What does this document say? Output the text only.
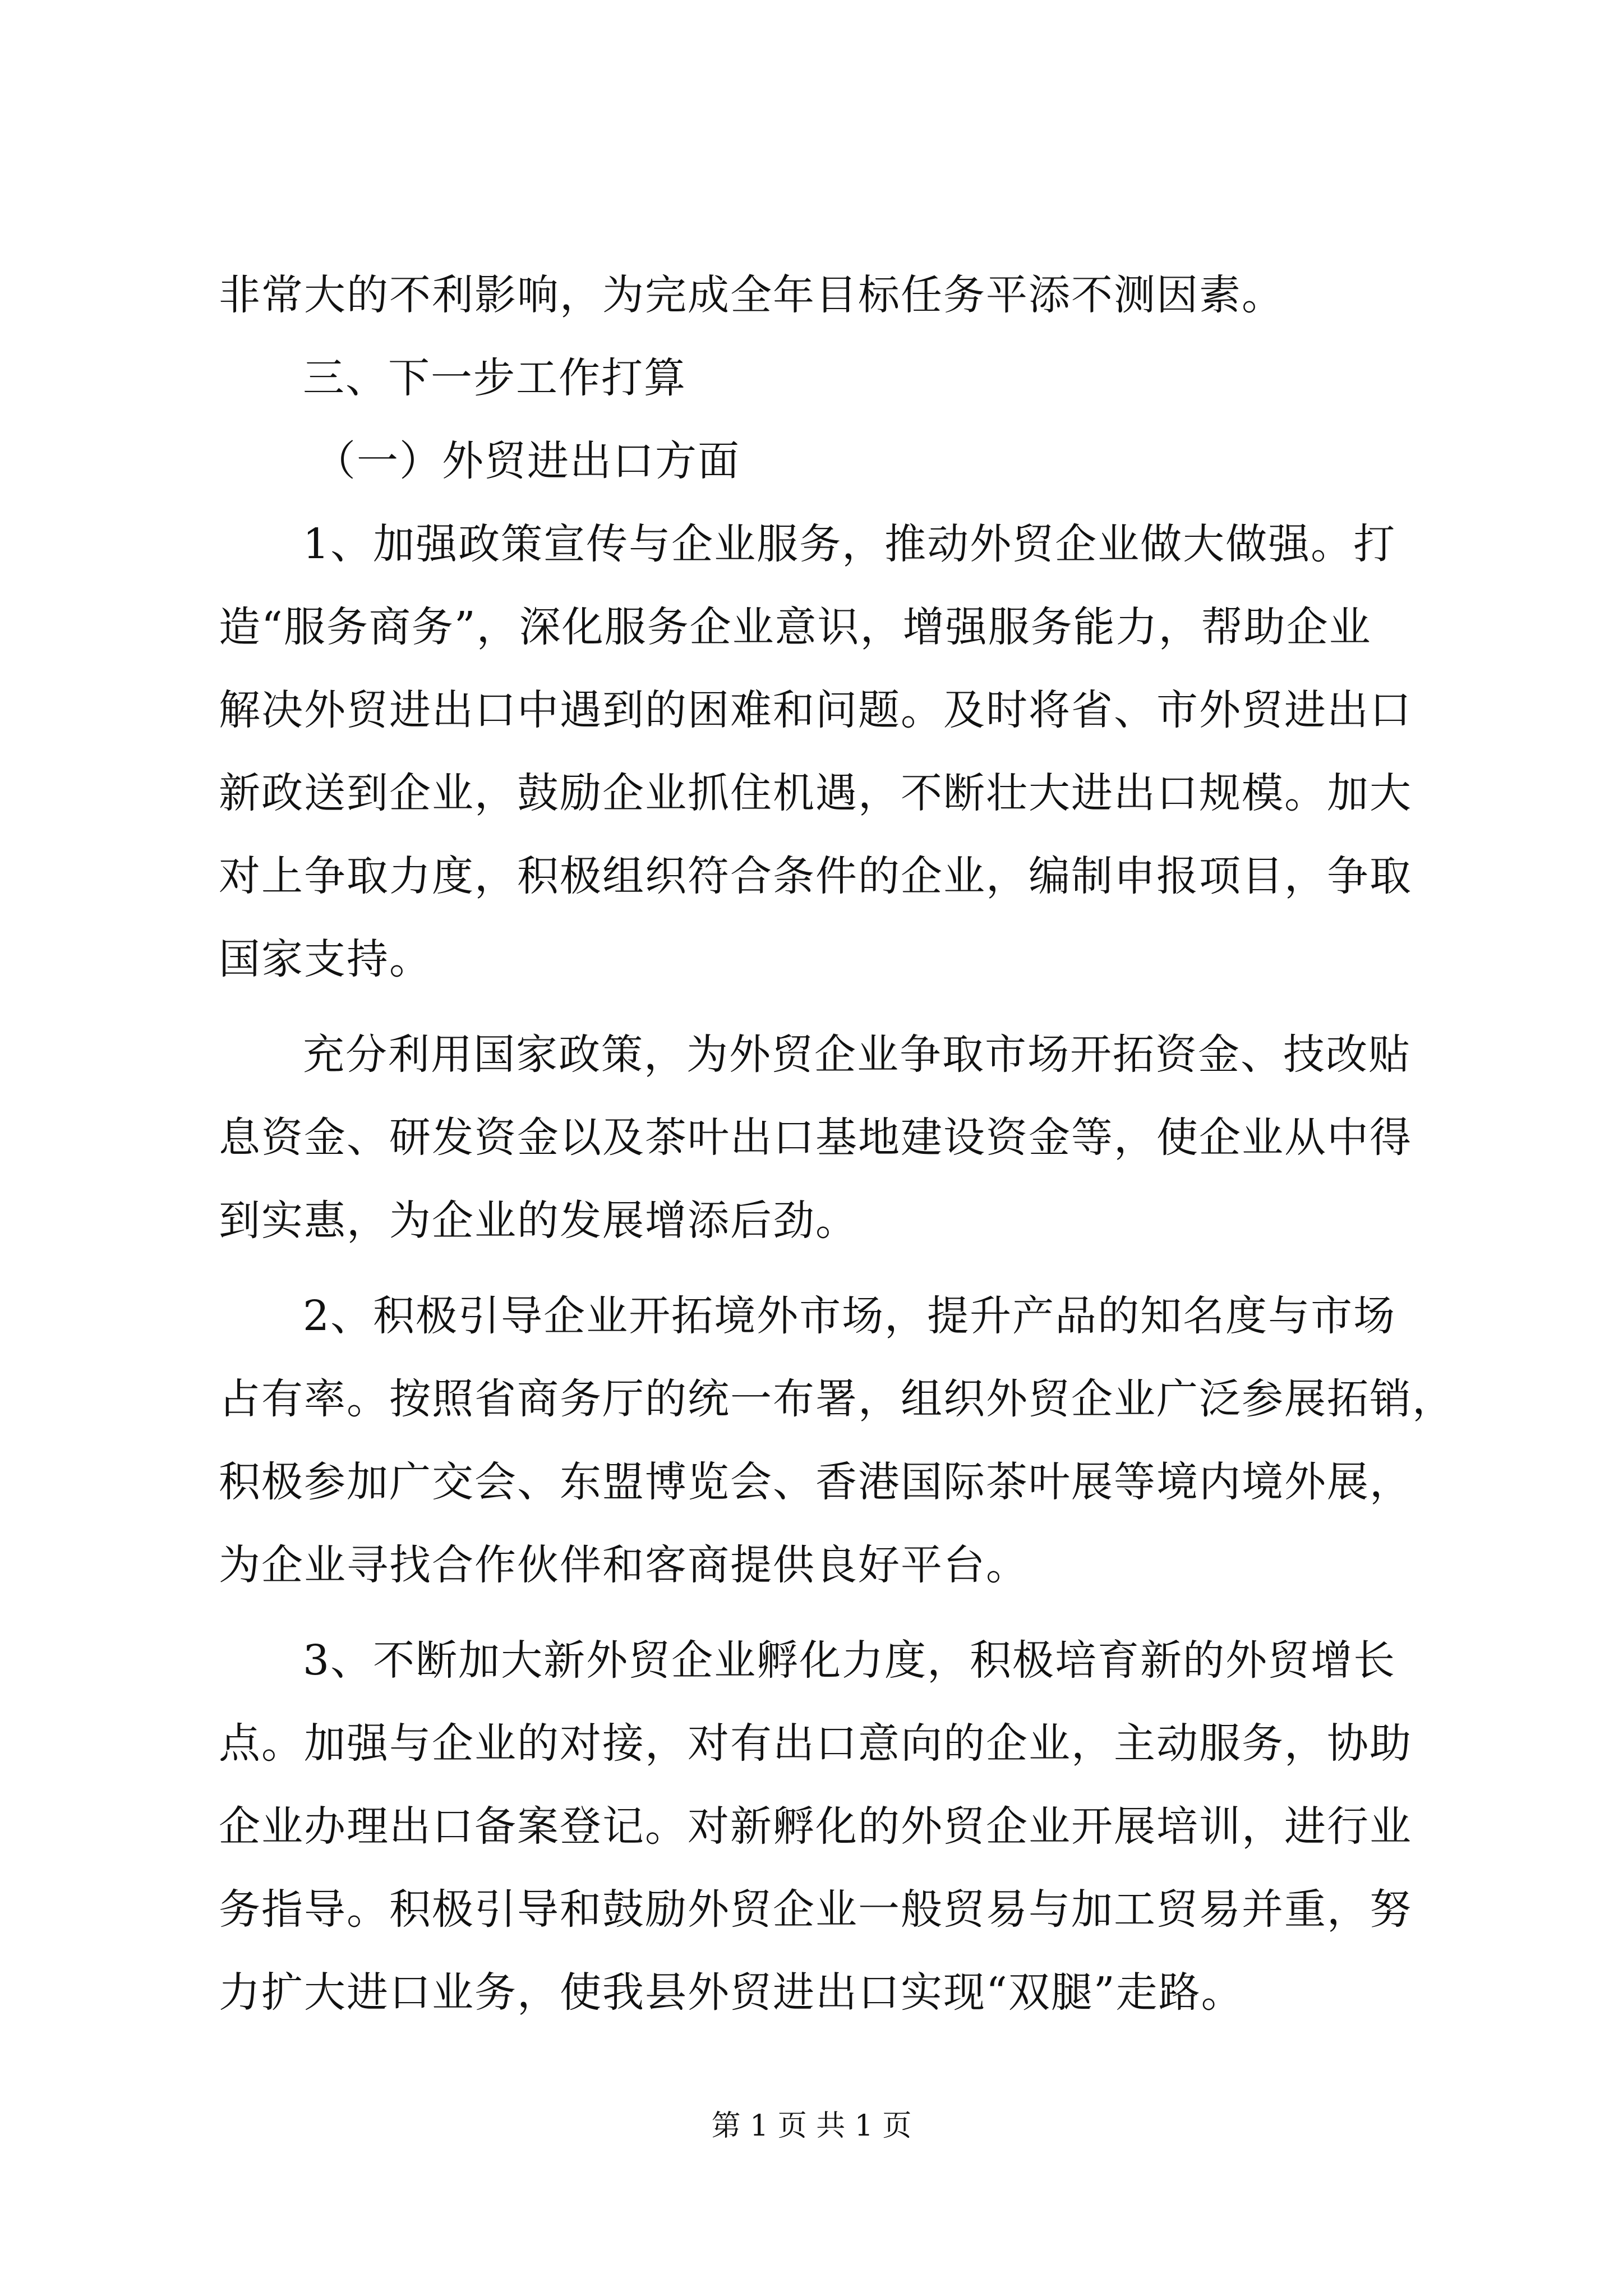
非常大的不利影响，为完成全年目标任务平添不测因素。
三、下一步工作打算
（一）外贸进出口方面
1、加强政策宣传与企业服务，推动外贸企业做大做强。打
造“服务商务”，深化服务企业意识，增强服务能力，帮助企业
解决外贸进出口中遇到的困难和问题。及时将省、市外贸进出口
新政送到企业，鼓励企业抓住机遇，不断壮大进出口规模。加大
对上争取力度，积极组织符合条件的企业，编制申报项目，争取
国家支持。
充分利用国家政策，为外贸企业争取市场开拓资金、技改贴
息资金、研发资金以及茶叶出口基地建设资金等，使企业从中得
到实惠，为企业的发展增添后劲。
2、积极引导企业开拓境外市场，提升产品的知名度与市场
占有率。按照省商务厅的统一布署，组织外贸企业广泛参展拓销，
积极参加广交会、东盟博览会、香港国际茶叶展等境内境外展，
为企业寻找合作伙伴和客商提供良好平台。
3、不断加大新外贸企业孵化力度，积极培育新的外贸增长
点。加强与企业的对接，对有出口意向的企业，主动服务，协助
企业办理出口备案登记。对新孵化的外贸企业开展培训，进行业
务指导。积极引导和鼓励外贸企业一般贸易与加工贸易并重，努
力扩大进口业务，使我县外贸进出口实现“双腿”走路。
第 1 页 共 1 页
